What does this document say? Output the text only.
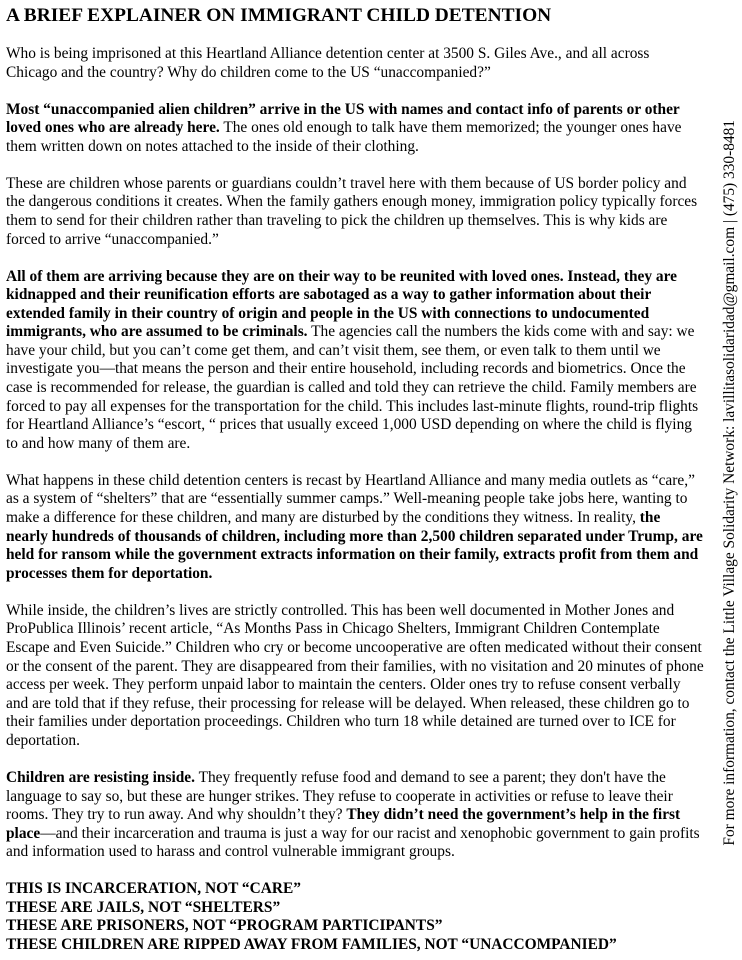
A BRIEF EXPLAINER ON IMMIGRANT CHILD DETENTION

Who is being imprisoned at this Heartland Alliance detention center at 3500 S. Giles Ave., and all across Chicago and the country? Why do children come to the US “unaccompanied?”

Most “unaccompanied alien children” arrive in the US with names and contact info of parents or other loved ones who are already here. The ones old enough to talk have them memorized; the younger ones have them written down on notes attached to the inside of their clothing.

These are children whose parents or guardians couldn’t travel here with them because of US border policy and the dangerous conditions it creates. When the family gathers enough money, immigration policy typically forces them to send for their children rather than traveling to pick the children up themselves. This is why kids are forced to arrive “unaccompanied.”

All of them are arriving because they are on their way to be reunited with loved ones. Instead, they are kidnapped and their reunification efforts are sabotaged as a way to gather information about their extended family in their country of origin and people in the US with connections to undocumented immigrants, who are assumed to be criminals. The agencies call the numbers the kids come with and say: we have your child, but you can’t come get them, and can’t visit them, see them, or even talk to them until we investigate you—that means the person and their entire household, including records and biometrics. Once the case is recommended for release, the guardian is called and told they can retrieve the child. Family members are forced to pay all expenses for the transportation for the child. This includes last-minute flights, round-trip flights for Heartland Alliance’s “escort, “ prices that usually exceed 1,000 USD depending on where the child is flying to and how many of them are.

What happens in these child detention centers is recast by Heartland Alliance and many media outlets as “care,” as a system of “shelters” that are “essentially summer camps.” Well-meaning people take jobs here, wanting to make a difference for these children, and many are disturbed by the conditions they witness. In reality, the nearly hundreds of thousands of children, including more than 2,500 children separated under Trump, are held for ransom while the government extracts information on their family, extracts profit from them and processes them for deportation.

While inside, the children’s lives are strictly controlled. This has been well documented in Mother Jones and ProPublica Illinois’ recent article, “As Months Pass in Chicago Shelters, Immigrant Children Contemplate Escape and Even Suicide.” Children who cry or become uncooperative are often medicated without their consent or the consent of the parent. They are disappeared from their families, with no visitation and 20 minutes of phone access per week. They perform unpaid labor to maintain the centers. Older ones try to refuse consent verbally and are told that if they refuse, their processing for release will be delayed. When released, these children go to their families under deportation proceedings. Children who turn 18 while detained are turned over to ICE for deportation.

Children are resisting inside. They frequently refuse food and demand to see a parent; they don't have the language to say so, but these are hunger strikes. They refuse to cooperate in activities or refuse to leave their rooms. They try to run away. And why shouldn’t they? They didn’t need the government’s help in the first place—and their incarceration and trauma is just a way for our racist and xenophobic government to gain profits and information used to harass and control vulnerable immigrant groups.

THIS IS INCARCERATION, NOT “CARE”
THESE ARE JAILS, NOT “SHELTERS”
THESE ARE PRISONERS, NOT “PROGRAM PARTICIPANTS”
THESE CHILDREN ARE RIPPED AWAY FROM FAMILIES, NOT “UNACCOMPANIED”
For more information, contact the Little Village Solidarity Network: lavillitasolidaridad@gmail.com | (475) 330-8481
